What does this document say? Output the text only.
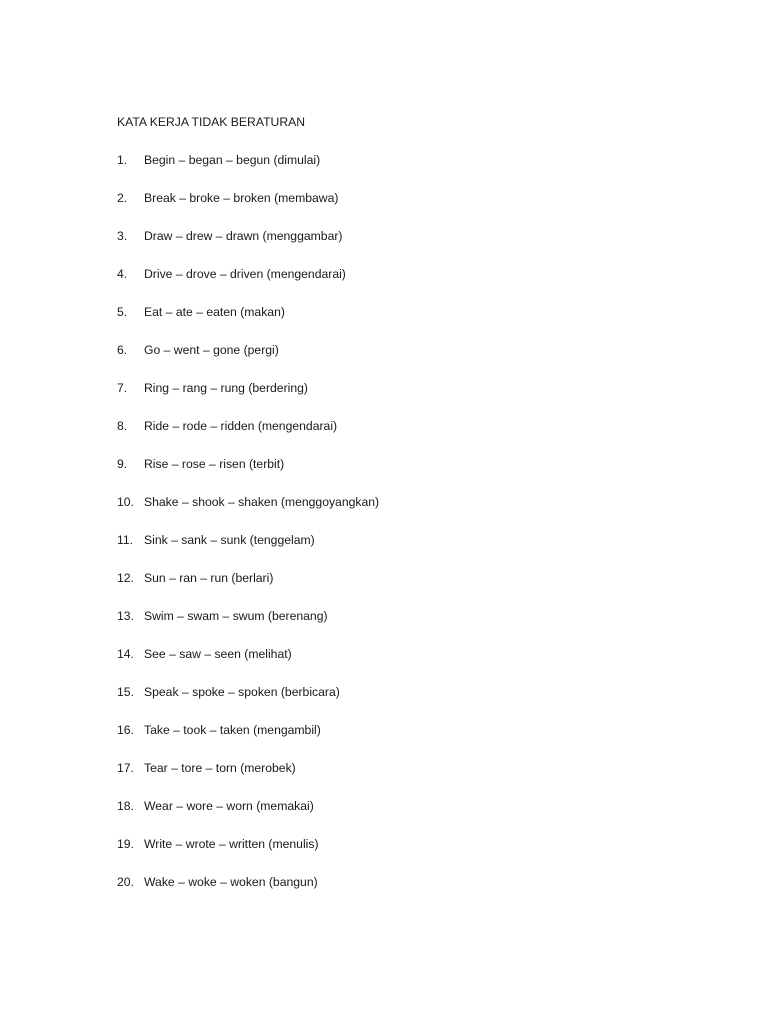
KATA KERJA TIDAK BERATURAN
1. Begin – began – begun (dimulai)
2. Break – broke – broken (membawa)
3. Draw – drew – drawn (menggambar)
4. Drive – drove – driven (mengendarai)
5. Eat – ate – eaten (makan)
6. Go – went – gone (pergi)
7. Ring – rang – rung (berdering)
8. Ride – rode – ridden (mengendarai)
9. Rise – rose – risen (terbit)
10. Shake – shook – shaken (menggoyangkan)
11. Sink – sank – sunk (tenggelam)
12. Sun – ran – run (berlari)
13. Swim – swam – swum (berenang)
14. See – saw – seen (melihat)
15. Speak – spoke – spoken (berbicara)
16. Take – took – taken (mengambil)
17. Tear – tore – torn (merobek)
18. Wear – wore – worn (memakai)
19. Write – wrote – written (menulis)
20. Wake – woke – woken (bangun)
